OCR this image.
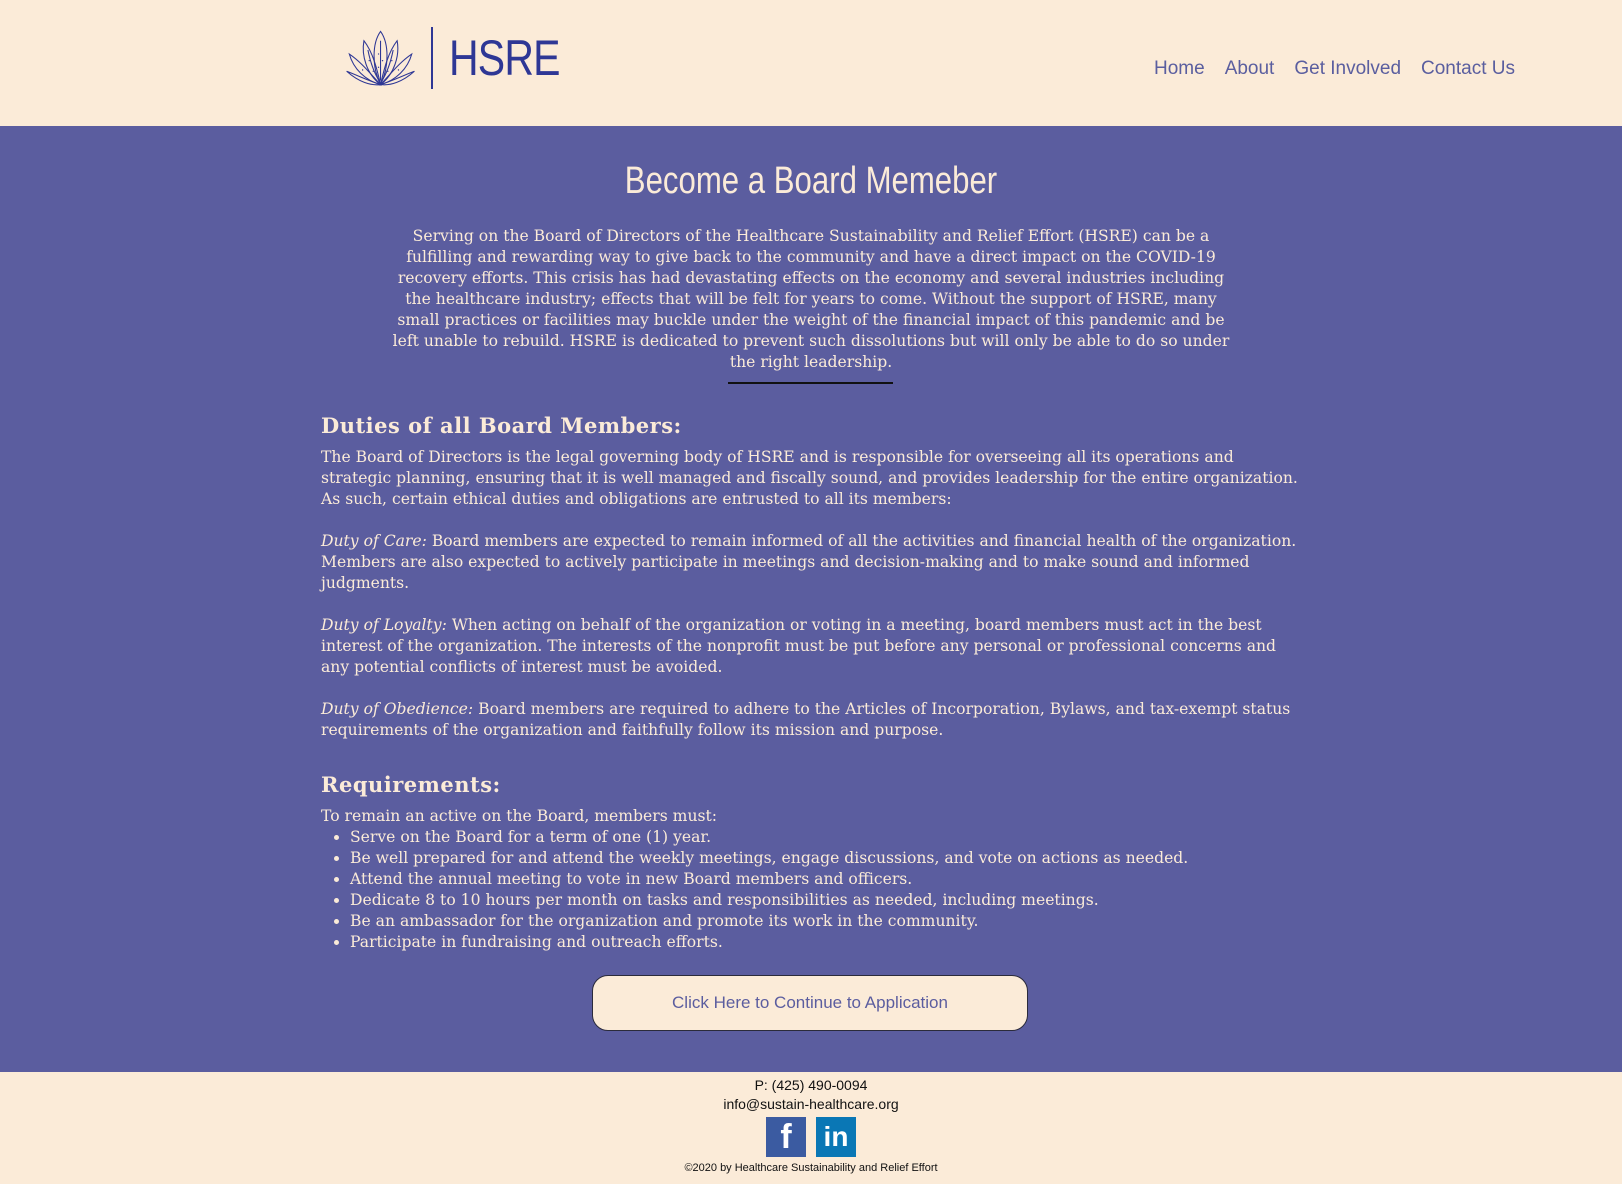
HSRE	Home About Get Involved Contact Us
Become a Board Memeber
Serving on the Board of Directors of the Healthcare Sustainability and Relief Effort (HSRE) can be a fulfilling and rewarding way to give back to the community and have a direct impact on the COVID-19 recovery efforts. This crisis has had devastating effects on the economy and several industries including the healthcare industry; effects that will be felt for years to come. Without the support of HSRE, many small practices or facilities may buckle under the weight of the financial impact of this pandemic and be left unable to rebuild. HSRE is dedicated to prevent such dissolutions but will only be able to do so under the right leadership.
Duties of all Board Members:

The Board of Directors is the legal governing body of HSRE and is responsible for overseeing all its operations and strategic planning, ensuring that it is well managed and fiscally sound, and provides leadership for the entire organization. As such, certain ethical duties and obligations are entrusted to all its members:

Duty of Care: Board members are expected to remain informed of all the activities and financial health of the organization. Members are also expected to actively participate in meetings and decision-making and to make sound and informed judgments.

Duty of Loyalty: When acting on behalf of the organization or voting in a meeting, board members must act in the best interest of the organization. The interests of the nonprofit must be put before any personal or professional concerns and any potential conflicts of interest must be avoided.

Duty of Obedience: Board members are required to adhere to the Articles of Incorporation, Bylaws, and tax-exempt status requirements of the organization and faithfully follow its mission and purpose.

Requirements:
To remain an active on the Board, members must:
• Serve on the Board for a term of one (1) year.
• Be well prepared for and attend the weekly meetings, engage discussions, and vote on actions as needed.
• Attend the annual meeting to vote in new Board members and officers.
• Dedicate 8 to 10 hours per month on tasks and responsibilities as needed, including meetings.
• Be an ambassador for the organization and promote its work in the community.
• Participate in fundraising and outreach efforts.
Click Here to Continue to Application
P: (425) 490-0094
info@sustain-healthcare.org
f	in
©2020 by Healthcare Sustainability and Relief Effort
